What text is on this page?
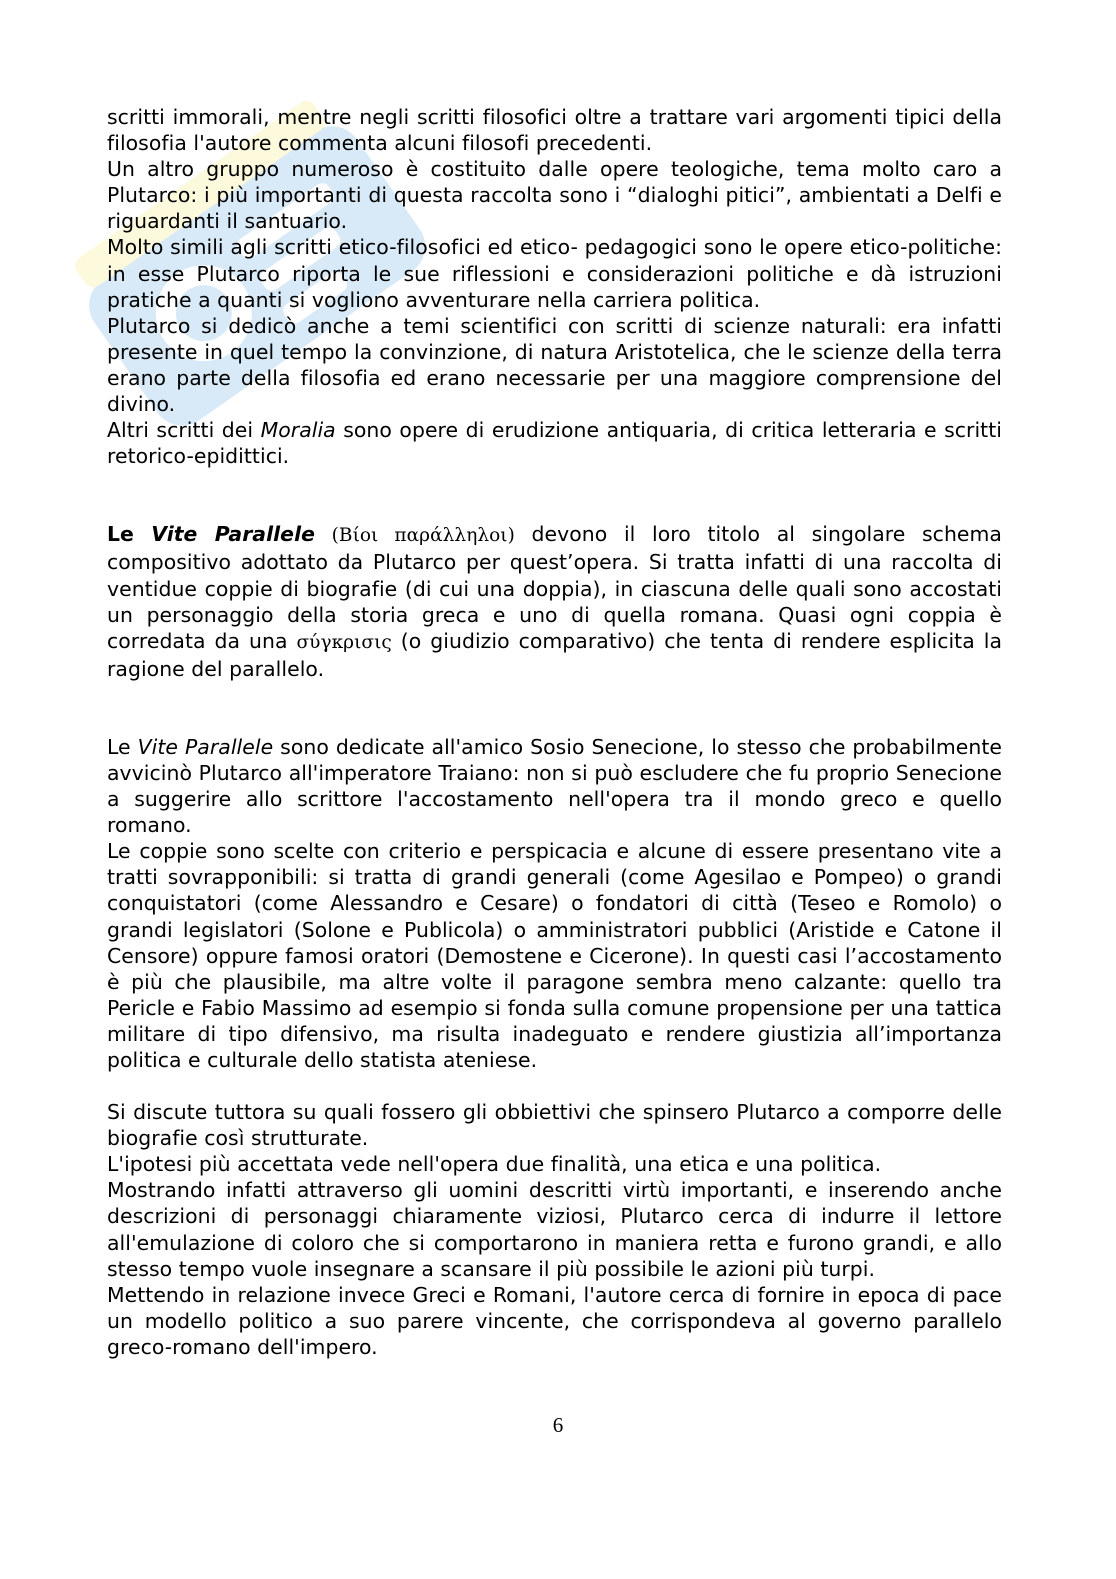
scritti immorali, mentre negli scritti filosofici oltre a trattare vari argomenti tipici della filosofia l'autore commenta alcuni filosofi precedenti.

Un altro gruppo numeroso è costituito dalle opere teologiche, tema molto caro a Plutarco: i più importanti di questa raccolta sono i “dialoghi pitici”, ambientati a Delfi e riguardanti il santuario.

Molto simili agli scritti etico-filosofici ed etico- pedagogici sono le opere etico-politiche: in esse Plutarco riporta le sue riflessioni e considerazioni politiche e dà istruzioni pratiche a quanti si vogliono avventurare nella carriera politica.

Plutarco si dedicò anche a temi scientifici con scritti di scienze naturali: era infatti presente in quel tempo la convinzione, di natura Aristotelica, che le scienze della terra erano parte della filosofia ed erano necessarie per una maggiore comprensione del divino.

Altri scritti dei Moralia sono opere di erudizione antiquaria, di critica letteraria e scritti retorico-epidittici.

Le Vite Parallele (Βίοι παράλληλοι) devono il loro titolo al singolare schema compositivo adottato da Plutarco per quest’opera. Si tratta infatti di una raccolta di ventidue coppie di biografie (di cui una doppia), in ciascuna delle quali sono accostati un personaggio della storia greca e uno di quella romana. Quasi ogni coppia è corredata da una σύγκρισις (o giudizio comparativo) che tenta di rendere esplicita la ragione del parallelo.

Le Vite Parallele sono dedicate all'amico Sosio Senecione, lo stesso che probabilmente avvicinò Plutarco all'imperatore Traiano: non si può escludere che fu proprio Senecione a suggerire allo scrittore l'accostamento nell'opera tra il mondo greco e quello romano.

Le coppie sono scelte con criterio e perspicacia e alcune di essere presentano vite a tratti sovrapponibili: si tratta di grandi generali (come Agesilao e Pompeo) o grandi conquistatori (come Alessandro e Cesare) o fondatori di città (Teseo e Romolo) o grandi legislatori (Solone e Publicola) o amministratori pubblici (Aristide e Catone il Censore) oppure famosi oratori (Demostene e Cicerone). In questi casi l’accostamento è più che plausibile, ma altre volte il paragone sembra meno calzante: quello tra Pericle e Fabio Massimo ad esempio si fonda sulla comune propensione per una tattica militare di tipo difensivo, ma risulta inadeguato e rendere giustizia all’importanza politica e culturale dello statista ateniese.

Si discute tuttora su quali fossero gli obbiettivi che spinsero Plutarco a comporre delle biografie così strutturate.

L'ipotesi più accettata vede nell'opera due finalità, una etica e una politica.

Mostrando infatti attraverso gli uomini descritti virtù importanti, e inserendo anche descrizioni di personaggi chiaramente viziosi, Plutarco cerca di indurre il lettore all'emulazione di coloro che si comportarono in maniera retta e furono grandi, e allo stesso tempo vuole insegnare a scansare il più possibile le azioni più turpi.

Mettendo in relazione invece Greci e Romani, l'autore cerca di fornire in epoca di pace un modello politico a suo parere vincente, che corrispondeva al governo parallelo greco-romano dell'impero.

6
